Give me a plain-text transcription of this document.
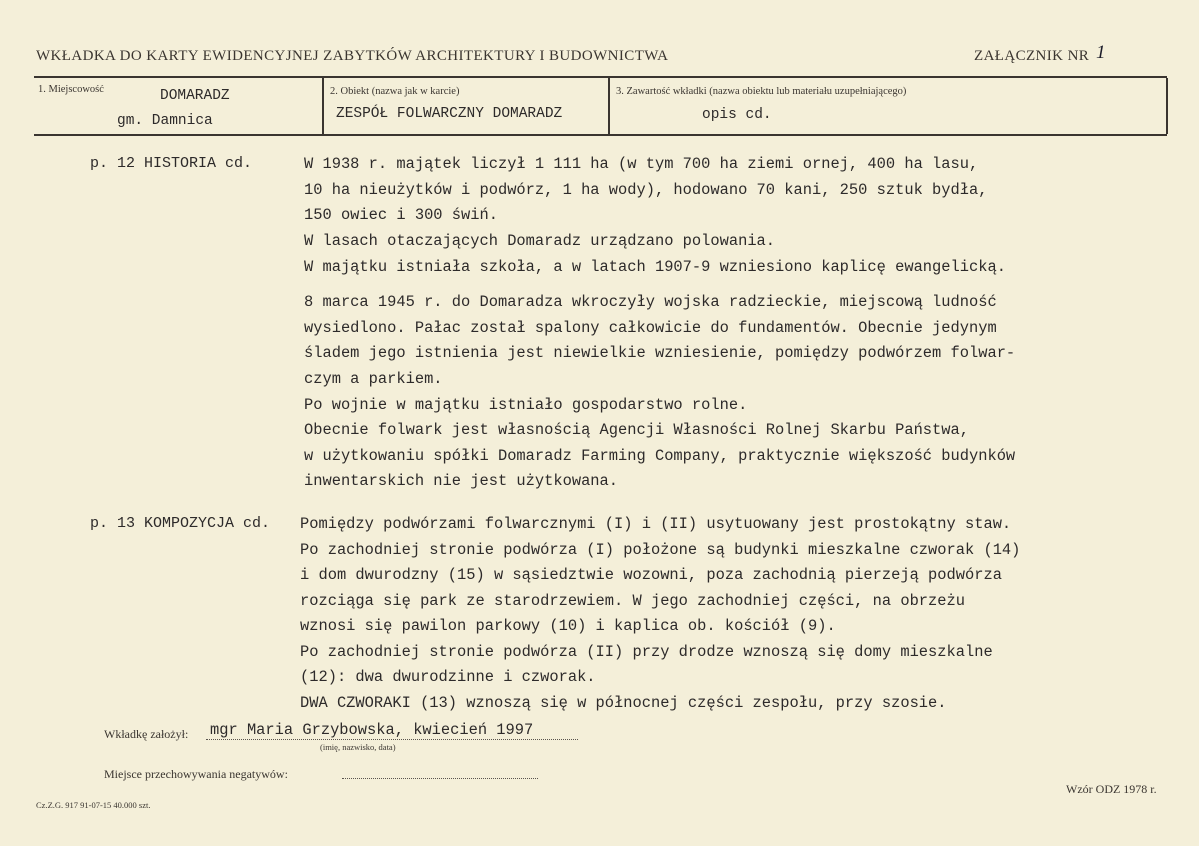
WKŁADKA DO KARTY EWIDENCYJNEJ ZABYTKÓW ARCHITEKTURY I BUDOWNICTWA	ZAŁĄCZNIK NR 1
1. Miejscowość	DOMARADZ
gm. Damnica
2. Obiekt (nazwa jak w karcie)
ZESPÓŁ FOLWARCZNY DOMARADZ
3. Zawartość wkładki (nazwa obiektu lub materiału uzupełniającego)
opis cd.
p. 12 HISTORIA cd.	W 1938 r. majątek liczył 1 111 ha (w tym 700 ha ziemi ornej, 400 ha lasu,
10 ha nieużytków i podwórz, 1 ha wody), hodowano 70 kani, 250 sztuk bydła,
150 owiec i 300 świń.
W lasach otaczających Domaradz urządzano polowania.
W majątku istniała szkoła, a w latach 1907-9 wzniesiono kaplicę ewangelicką.
8 marca 1945 r. do Domaradza wkroczyły wojska radzieckie, miejscową ludność
wysiedlono. Pałac został spalony całkowicie do fundamentów. Obecnie jedynym
śladem jego istnienia jest niewielkie wzniesienie, pomiędzy podwórzem folwar-
czym a parkiem.
Po wojnie w majątku istniało gospodarstwo rolne.
Obecnie folwark jest własnością Agencji Własności Rolnej Skarbu Państwa,
w użytkowaniu spółki Domaradz Farming Company, praktycznie większość budynków
inwentarskich nie jest użytkowana.
p. 13 KOMPOZYCJA cd. Pomiędzy podwórzami folwarcznymi (I) i (II) usytuowany jest prostokątny staw.
Po zachodniej stronie podwórza (I) położone są budynki mieszkalne czworak (14)
i dom dwurodzny (15) w sąsiedztwie wozowni, poza zachodnią pierzeją podwórza
rozciąga się park ze starodrzewiem. W jego zachodniej części, na obrzeżu
wznosi się pawilon parkowy (10) i kaplica ob. kościół (9).
Po zachodniej stronie podwórza (II) przy drodze wznoszą się domy mieszkalne
(12): dwa dwurodzinne i czworak.
DWA CZWORAKI (13) wznoszą się w północnej części zespołu, przy szosie.
Wkładkę założył: mgr Maria Grzybowska, kwiecień 1997
(imię, nazwisko, data)
Miejsce przechowywania negatywów:
Cz.Z.G. 917 91-07-15 40.000 szt.
Wzór ODZ 1978 r.
